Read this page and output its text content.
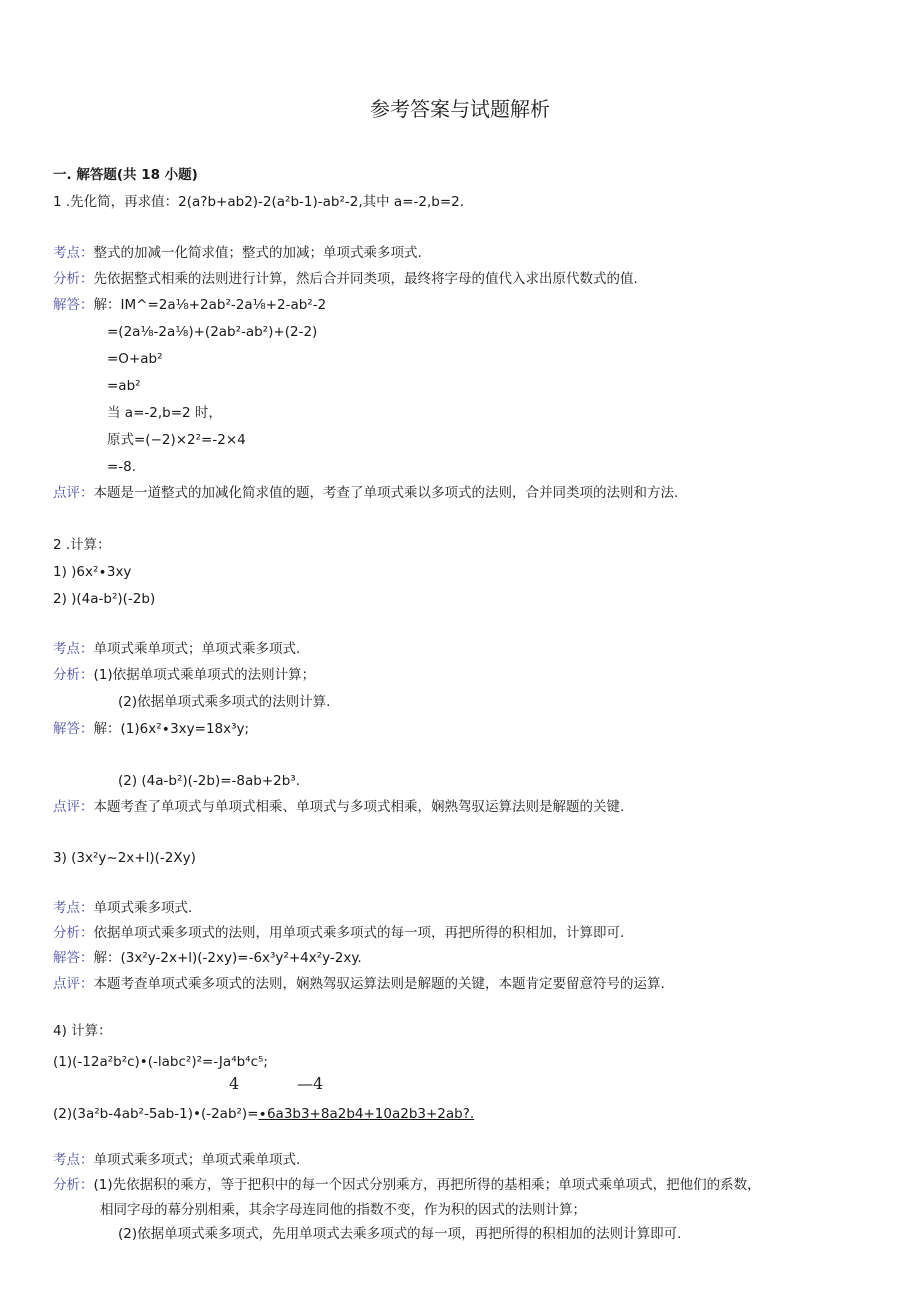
参考答案与试题解析
一. 解答题(共 18 小题)
1 .先化简，再求值：2(a?b+ab2)-2(a²b-1)-ab²-2,其中 a=-2,b=2.
考点：整式的加减一化简求值；整式的加减；单项式乘多项式.
分析：先依据整式相乘的法则进行计算，然后合并同类项，最终将字母的值代入求出原代数式的值.
解答：解：IM^=2a⅛+2ab²-2a⅛+2-ab²-2
=(2a⅛-2a⅛)+(2ab²-ab²)+(2-2)
=O+ab²
=ab²
当 a=-2,b=2 时，
原式=(−2)×2²=-2×4
=-8.
点评：本题是一道整式的加减化简求值的题，考查了单项式乘以多项式的法则，合并同类项的法则和方法.
2 .计算：
1) )6x²∙3xy
2) )(4a-b²)(-2b)
考点：单项式乘单项式；单项式乘多项式.
分析：(1)依据单项式乘单项式的法则计算；
(2)依据单项式乘多项式的法则计算.
解答：解：(1)6x²∙3xy=18x³y;
(2) (4a-b²)(-2b)=-8ab+2b³.
点评：本题考查了单项式与单项式相乘、单项式与多项式相乘，娴熟驾驭运算法则是解题的关键.
3) (3x²y~2x+l)(-2Xy)
考点：单项式乘多项式.
分析：依据单项式乘多项式的法则，用单项式乘多项式的每一项，再把所得的积相加，计算即可.
解答：解：(3x²y-2x+l)(-2xy)=-6x³y²+4x²y-2xy.
点评：本题考查单项式乘多项式的法则，娴熟驾驭运算法则是解题的关键，本题肯定要留意符号的运算.
4) 计算：
(1)(-12a²b²c)•(-labc²)²=-Ja⁴b⁴c⁵;
4	—4
(2)(3a²b-4ab²-5ab-1)•(-2ab²)=∙6a3b3+8a2b4+10a2b3+2ab?.
考点：单项式乘多项式；单项式乘单项式.
分析：(1)先依据积的乘方，等于把积中的每一个因式分别乘方，再把所得的基相乘；单项式乘单项式，把他们的系数，
相同字母的幕分别相乘，其余字母连同他的指数不变，作为积的因式的法则计算；
(2)依据单项式乘多项式，先用单项式去乘多项式的每一项，再把所得的积相加的法则计算即可.
